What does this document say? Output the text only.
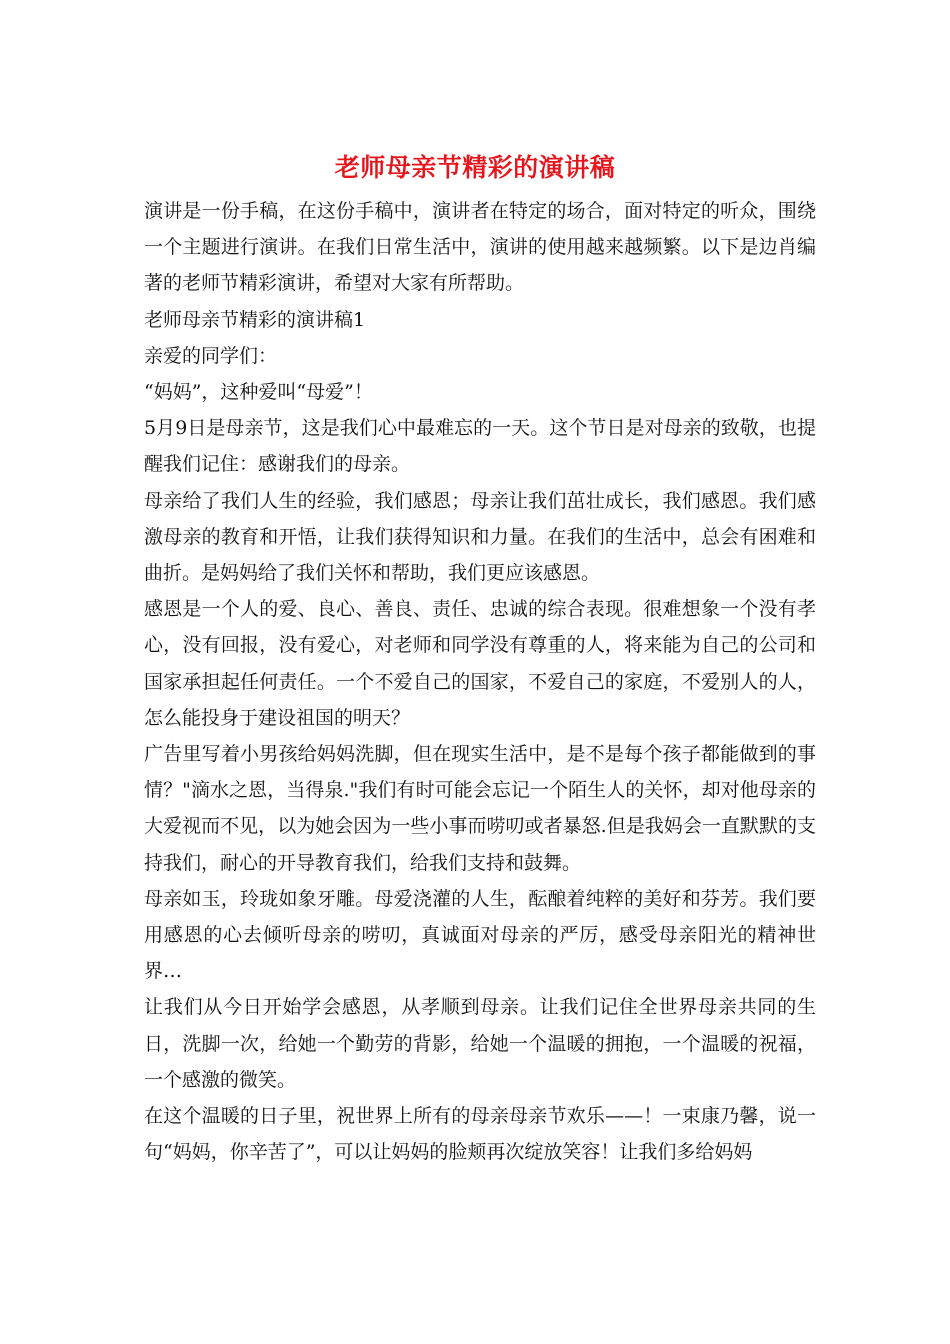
老师母亲节精彩的演讲稿

演讲是一份手稿，在这份手稿中，演讲者在特定的场合，面对特定的听众，围绕一个主题进行演讲。在我们日常生活中，演讲的使用越来越频繁。以下是边肖编著的老师节精彩演讲，希望对大家有所帮助。

老师母亲节精彩的演讲稿1

亲爱的同学们：

“妈妈”，这种爱叫“母爱”！

5月9日是母亲节，这是我们心中最难忘的一天。这个节日是对母亲的致敬，也提醒我们记住：感谢我们的母亲。

母亲给了我们人生的经验，我们感恩；母亲让我们茁壮成长，我们感恩。我们感激母亲的教育和开悟，让我们获得知识和力量。在我们的生活中，总会有困难和曲折。是妈妈给了我们关怀和帮助，我们更应该感恩。

感恩是一个人的爱、良心、善良、责任、忠诚的综合表现。很难想象一个没有孝心，没有回报，没有爱心，对老师和同学没有尊重的人，将来能为自己的公司和国家承担起任何责任。一个不爱自己的国家，不爱自己的家庭，不爱别人的人，怎么能投身于建设祖国的明天？

广告里写着小男孩给妈妈洗脚，但在现实生活中，是不是每个孩子都能做到的事情？"滴水之恩，当得泉."我们有时可能会忘记一个陌生人的关怀，却对他母亲的大爱视而不见，以为她会因为一些小事而唠叨或者暴怒.但是我妈会一直默默的支持我们，耐心的开导教育我们，给我们支持和鼓舞。

母亲如玉，玲珑如象牙雕。母爱浇灌的人生，酝酿着纯粹的美好和芬芳。我们要用感恩的心去倾听母亲的唠叨，真诚面对母亲的严厉，感受母亲阳光的精神世界…

让我们从今日开始学会感恩，从孝顺到母亲。让我们记住全世界母亲共同的生日，洗脚一次，给她一个勤劳的背影，给她一个温暖的拥抱，一个温暖的祝福，一个感激的微笑。

在这个温暖的日子里，祝世界上所有的母亲母亲节欢乐——！一束康乃馨，说一句“妈妈，你辛苦了”，可以让妈妈的脸颊再次绽放笑容！让我们多给妈妈
